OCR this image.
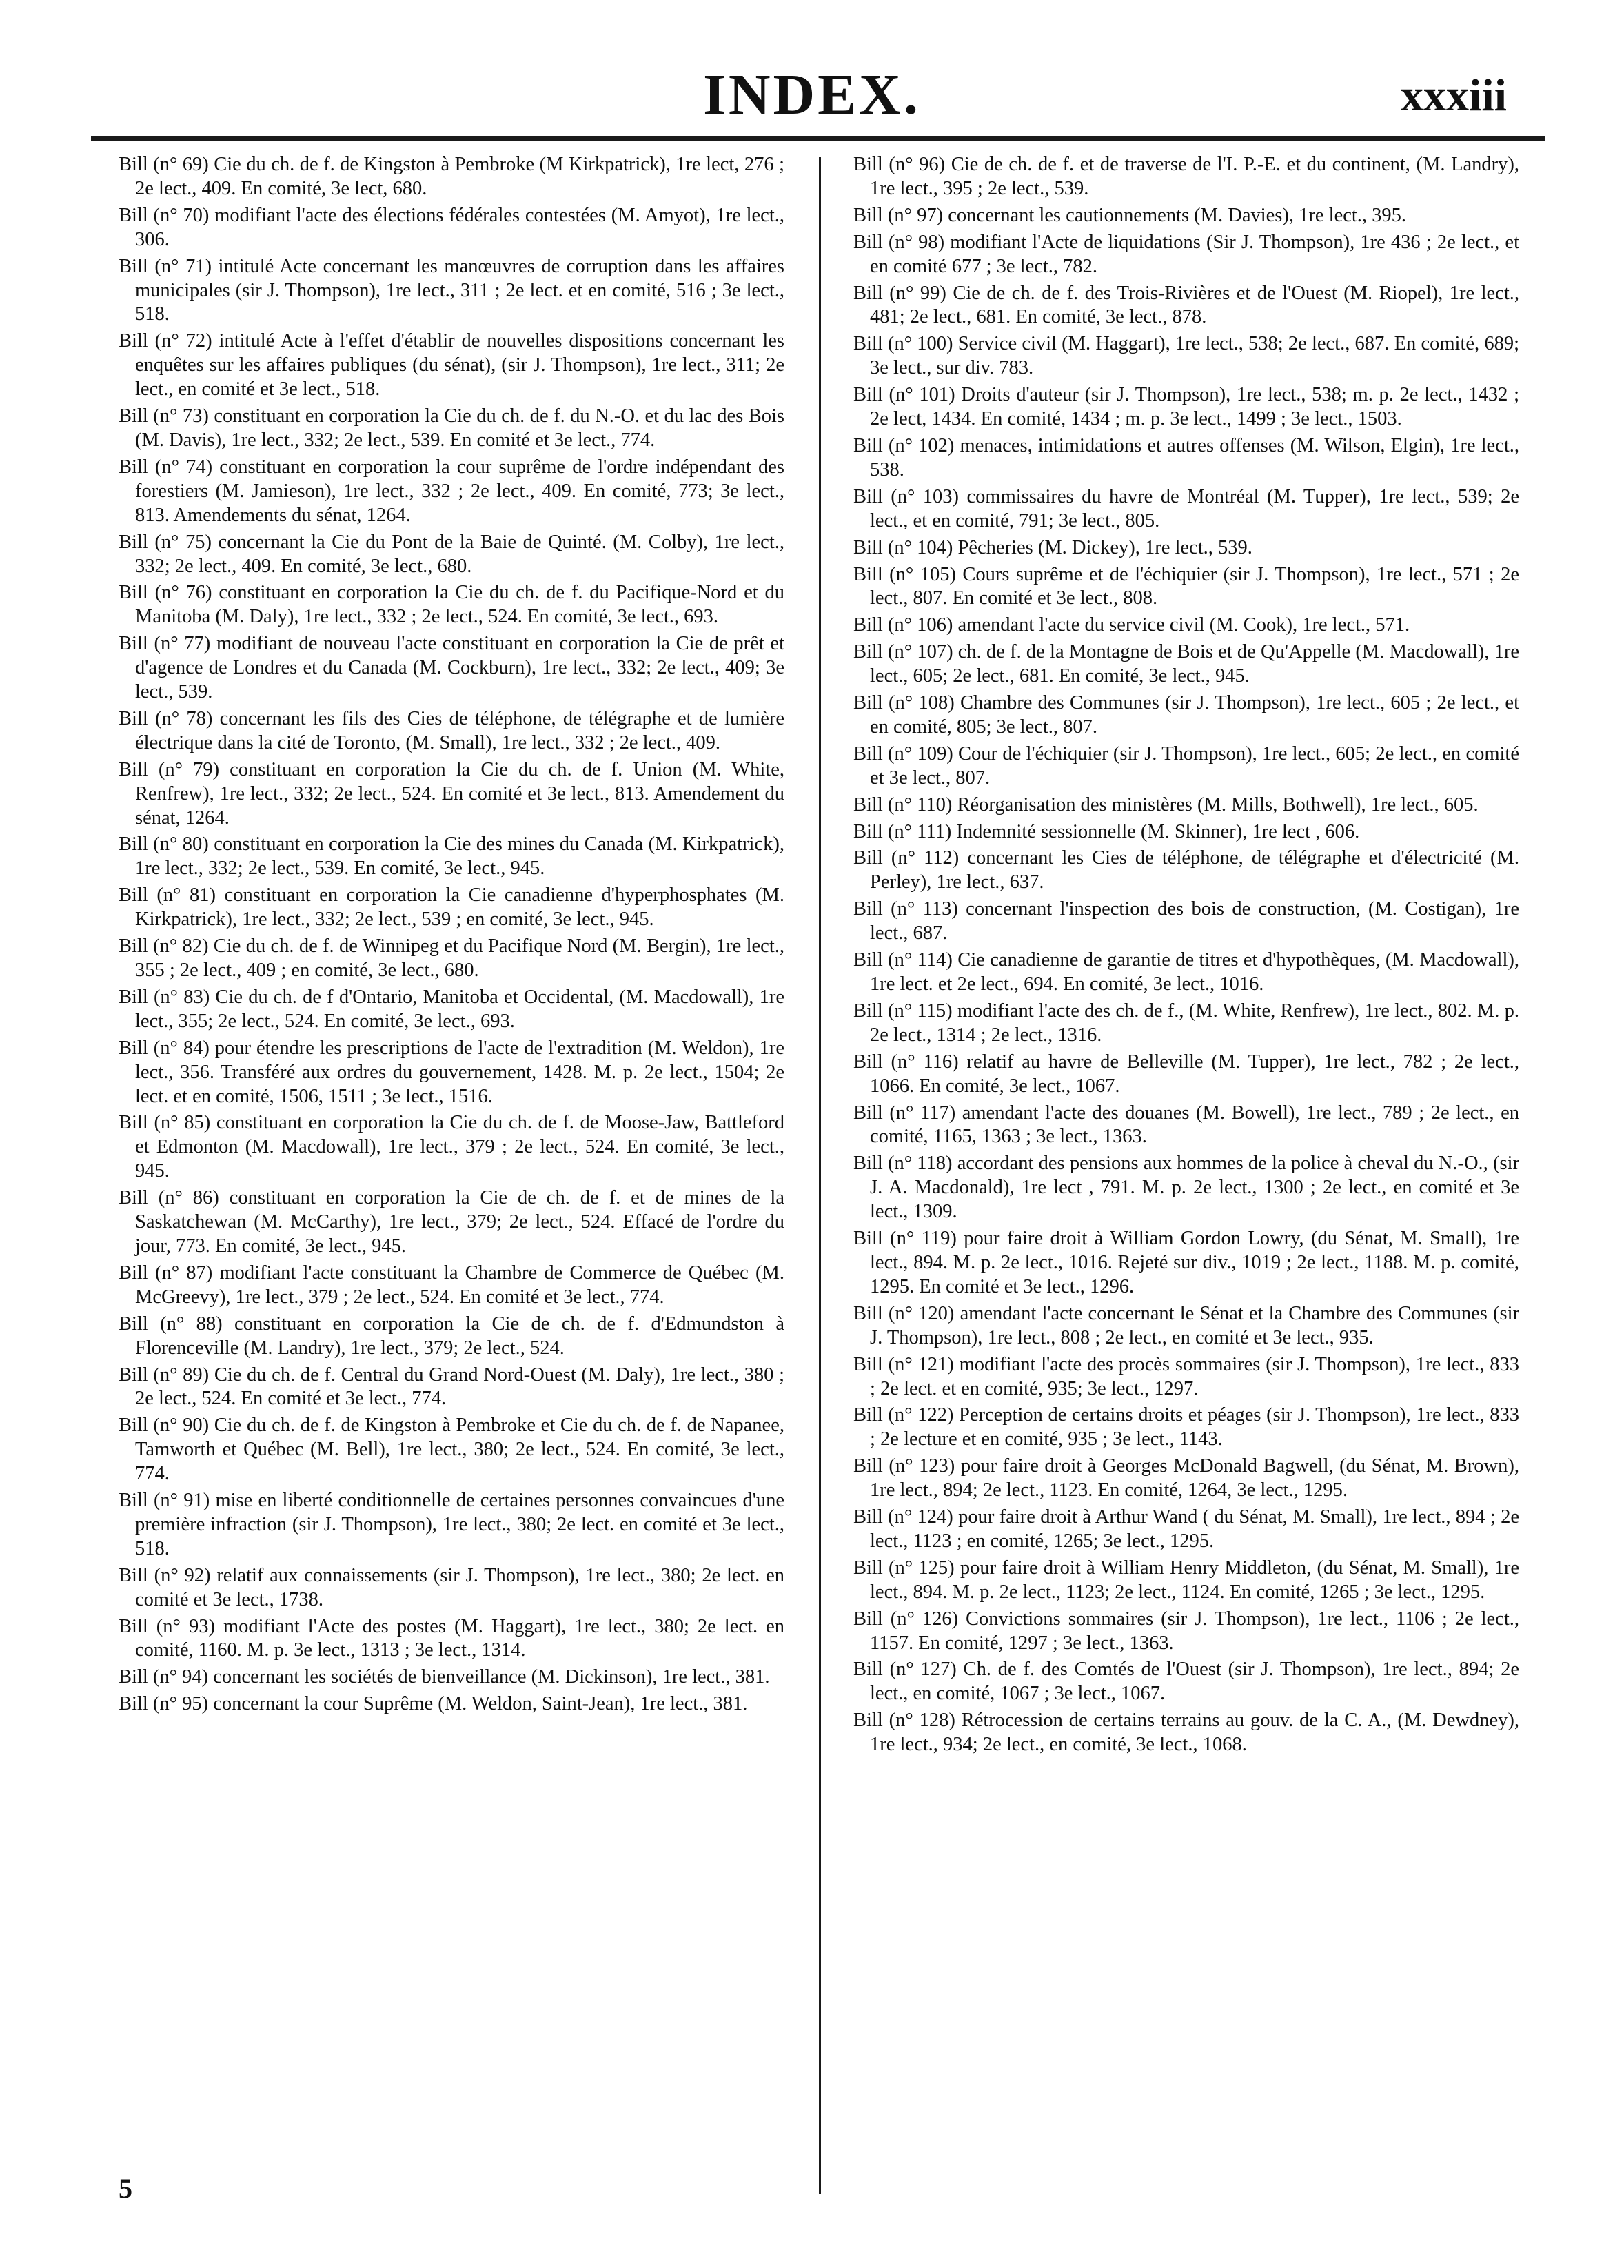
INDEX.	xxxiii

Bill (n° 69) Cie du ch. de f. de Kingston à Pembroke (M Kirkpatrick), 1re lect, 276 ; 2e lect., 409. En comité, 3e lect, 680.

Bill (n° 70) modifiant l'acte des élections fédérales contestées (M. Amyot), 1re lect., 306.

Bill (n° 71) intitulé Acte concernant les manœuvres de corruption dans les affaires municipales (sir J. Thompson), 1re lect., 311 ; 2e lect. et en comité, 516 ; 3e lect., 518.

Bill (n° 72) intitulé Acte à l'effet d'établir de nouvelles dispositions concernant les enquêtes sur les affaires publiques (du sénat), (sir J. Thompson), 1re lect., 311; 2e lect., en comité et 3e lect., 518.

Bill (n° 73) constituant en corporation la Cie du ch. de f. du N.-O. et du lac des Bois (M. Davis), 1re lect., 332; 2e lect., 539. En comité et 3e lect., 774.

Bill (n° 74) constituant en corporation la cour suprême de l'ordre indépendant des forestiers (M. Jamieson), 1re lect., 332 ; 2e lect., 409. En comité, 773; 3e lect., 813. Amendements du sénat, 1264.

Bill (n° 75) concernant la Cie du Pont de la Baie de Quinté. (M. Colby), 1re lect., 332; 2e lect., 409. En comité, 3e lect., 680.

Bill (n° 76) constituant en corporation la Cie du ch. de f. du Pacifique-Nord et du Manitoba (M. Daly), 1re lect., 332 ; 2e lect., 524. En comité, 3e lect., 693.

Bill (n° 77) modifiant de nouveau l'acte constituant en corporation la Cie de prêt et d'agence de Londres et du Canada (M. Cockburn), 1re lect., 332; 2e lect., 409; 3e lect., 539.

Bill (n° 78) concernant les fils des Cies de téléphone, de télégraphe et de lumière électrique dans la cité de Toronto, (M. Small), 1re lect., 332 ; 2e lect., 409.

Bill (n° 79) constituant en corporation la Cie du ch. de f. Union (M. White, Renfrew), 1re lect., 332; 2e lect., 524. En comité et 3e lect., 813. Amendement du sénat, 1264.

Bill (n° 80) constituant en corporation la Cie des mines du Canada (M. Kirkpatrick), 1re lect., 332; 2e lect., 539. En comité, 3e lect., 945.

Bill (n° 81) constituant en corporation la Cie canadienne d'hyperphosphates (M. Kirkpatrick), 1re lect., 332; 2e lect., 539 ; en comité, 3e lect., 945.

Bill (n° 82) Cie du ch. de f. de Winnipeg et du Pacifique Nord (M. Bergin), 1re lect., 355 ; 2e lect., 409 ; en comité, 3e lect., 680.

Bill (n° 83) Cie du ch. de f d'Ontario, Manitoba et Occidental, (M. Macdowall), 1re lect., 355; 2e lect., 524. En comité, 3e lect., 693.

Bill (n° 84) pour étendre les prescriptions de l'acte de l'extradition (M. Weldon), 1re lect., 356. Transféré aux ordres du gouvernement, 1428. M. p. 2e lect., 1504; 2e lect. et en comité, 1506, 1511 ; 3e lect., 1516.

Bill (n° 85) constituant en corporation la Cie du ch. de f. de Moose-Jaw, Battleford et Edmonton (M. Macdowall), 1re lect., 379 ; 2e lect., 524. En comité, 3e lect., 945.

Bill (n° 86) constituant en corporation la Cie de ch. de f. et de mines de la Saskatchewan (M. McCarthy), 1re lect., 379; 2e lect., 524. Effacé de l'ordre du jour, 773. En comité, 3e lect., 945.

Bill (n° 87) modifiant l'acte constituant la Chambre de Commerce de Québec (M. McGreevy), 1re lect., 379 ; 2e lect., 524. En comité et 3e lect., 774.

Bill (n° 88) constituant en corporation la Cie de ch. de f. d'Edmundston à Florenceville (M. Landry), 1re lect., 379; 2e lect., 524.

Bill (n° 89) Cie du ch. de f. Central du Grand Nord-Ouest (M. Daly), 1re lect., 380 ; 2e lect., 524. En comité et 3e lect., 774.

Bill (n° 90) Cie du ch. de f. de Kingston à Pembroke et Cie du ch. de f. de Napanee, Tamworth et Québec (M. Bell), 1re lect., 380; 2e lect., 524. En comité, 3e lect., 774.

Bill (n° 91) mise en liberté conditionnelle de certaines personnes convaincues d'une première infraction (sir J. Thompson), 1re lect., 380; 2e lect. en comité et 3e lect., 518.

Bill (n° 92) relatif aux connaissements (sir J. Thompson), 1re lect., 380; 2e lect. en comité et 3e lect., 1738.

Bill (n° 93) modifiant l'Acte des postes (M. Haggart), 1re lect., 380; 2e lect. en comité, 1160. M. p. 3e lect., 1313 ; 3e lect., 1314.

Bill (n° 94) concernant les sociétés de bienveillance (M. Dickinson), 1re lect., 381.

Bill (n° 95) concernant la cour Suprême (M. Weldon, Saint-Jean), 1re lect., 381.

Bill (n° 96) Cie de ch. de f. et de traverse de l'I. P.-E. et du continent, (M. Landry), 1re lect., 395 ; 2e lect., 539.

Bill (n° 97) concernant les cautionnements (M. Davies), 1re lect., 395.

Bill (n° 98) modifiant l'Acte de liquidations (Sir J. Thompson), 1re 436 ; 2e lect., et en comité 677 ; 3e lect., 782.

Bill (n° 99) Cie de ch. de f. des Trois-Rivières et de l'Ouest (M. Riopel), 1re lect., 481; 2e lect., 681. En comité, 3e lect., 878.

Bill (n° 100) Service civil (M. Haggart), 1re lect., 538; 2e lect., 687. En comité, 689; 3e lect., sur div. 783.

Bill (n° 101) Droits d'auteur (sir J. Thompson), 1re lect., 538; m. p. 2e lect., 1432 ; 2e lect, 1434. En comité, 1434 ; m. p. 3e lect., 1499 ; 3e lect., 1503.

Bill (n° 102) menaces, intimidations et autres offenses (M. Wilson, Elgin), 1re lect., 538.

Bill (n° 103) commissaires du havre de Montréal (M. Tupper), 1re lect., 539; 2e lect., et en comité, 791; 3e lect., 805.

Bill (n° 104) Pêcheries (M. Dickey), 1re lect., 539.

Bill (n° 105) Cours suprême et de l'échiquier (sir J. Thompson), 1re lect., 571 ; 2e lect., 807. En comité et 3e lect., 808.

Bill (n° 106) amendant l'acte du service civil (M. Cook), 1re lect., 571.

Bill (n° 107) ch. de f. de la Montagne de Bois et de Qu'Appelle (M. Macdowall), 1re lect., 605; 2e lect., 681. En comité, 3e lect., 945.

Bill (n° 108) Chambre des Communes (sir J. Thompson), 1re lect., 605 ; 2e lect., et en comité, 805; 3e lect., 807.

Bill (n° 109) Cour de l'échiquier (sir J. Thompson), 1re lect., 605; 2e lect., en comité et 3e lect., 807.

Bill (n° 110) Réorganisation des ministères (M. Mills, Bothwell), 1re lect., 605.

Bill (n° 111) Indemnité sessionnelle (M. Skinner), 1re lect , 606.

Bill (n° 112) concernant les Cies de téléphone, de télégraphe et d'électricité (M. Perley), 1re lect., 637.

Bill (n° 113) concernant l'inspection des bois de construction, (M. Costigan), 1re lect., 687.

Bill (n° 114) Cie canadienne de garantie de titres et d'hypothèques, (M. Macdowall), 1re lect. et 2e lect., 694. En comité, 3e lect., 1016.

Bill (n° 115) modifiant l'acte des ch. de f., (M. White, Renfrew), 1re lect., 802. M. p. 2e lect., 1314 ; 2e lect., 1316.

Bill (n° 116) relatif au havre de Belleville (M. Tupper), 1re lect., 782 ; 2e lect., 1066. En comité, 3e lect., 1067.

Bill (n° 117) amendant l'acte des douanes (M. Bowell), 1re lect., 789 ; 2e lect., en comité, 1165, 1363 ; 3e lect., 1363.

Bill (n° 118) accordant des pensions aux hommes de la police à cheval du N.-O., (sir J. A. Macdonald), 1re lect , 791. M. p. 2e lect., 1300 ; 2e lect., en comité et 3e lect., 1309.

Bill (n° 119) pour faire droit à William Gordon Lowry, (du Sénat, M. Small), 1re lect., 894. M. p. 2e lect., 1016. Rejeté sur div., 1019 ; 2e lect., 1188. M. p. comité, 1295. En comité et 3e lect., 1296.

Bill (n° 120) amendant l'acte concernant le Sénat et la Chambre des Communes (sir J. Thompson), 1re lect., 808 ; 2e lect., en comité et 3e lect., 935.

Bill (n° 121) modifiant l'acte des procès sommaires (sir J. Thompson), 1re lect., 833 ; 2e lect. et en comité, 935; 3e lect., 1297.

Bill (n° 122) Perception de certains droits et péages (sir J. Thompson), 1re lect., 833 ; 2e lecture et en comité, 935 ; 3e lect., 1143.

Bill (n° 123) pour faire droit à Georges McDonald Bagwell, (du Sénat, M. Brown), 1re lect., 894; 2e lect., 1123. En comité, 1264, 3e lect., 1295.

Bill (n° 124) pour faire droit à Arthur Wand ( du Sénat, M. Small), 1re lect., 894 ; 2e lect., 1123 ; en comité, 1265; 3e lect., 1295.

Bill (n° 125) pour faire droit à William Henry Middleton, (du Sénat, M. Small), 1re lect., 894. M. p. 2e lect., 1123; 2e lect., 1124. En comité, 1265 ; 3e lect., 1295.

Bill (n° 126) Convictions sommaires (sir J. Thompson), 1re lect., 1106 ; 2e lect., 1157. En comité, 1297 ; 3e lect., 1363.

Bill (n° 127) Ch. de f. des Comtés de l'Ouest (sir J. Thompson), 1re lect., 894; 2e lect., en comité, 1067 ; 3e lect., 1067.

Bill (n° 128) Rétrocession de certains terrains au gouv. de la C. A., (M. Dewdney), 1re lect., 934; 2e lect., en comité, 3e lect., 1068.

5
